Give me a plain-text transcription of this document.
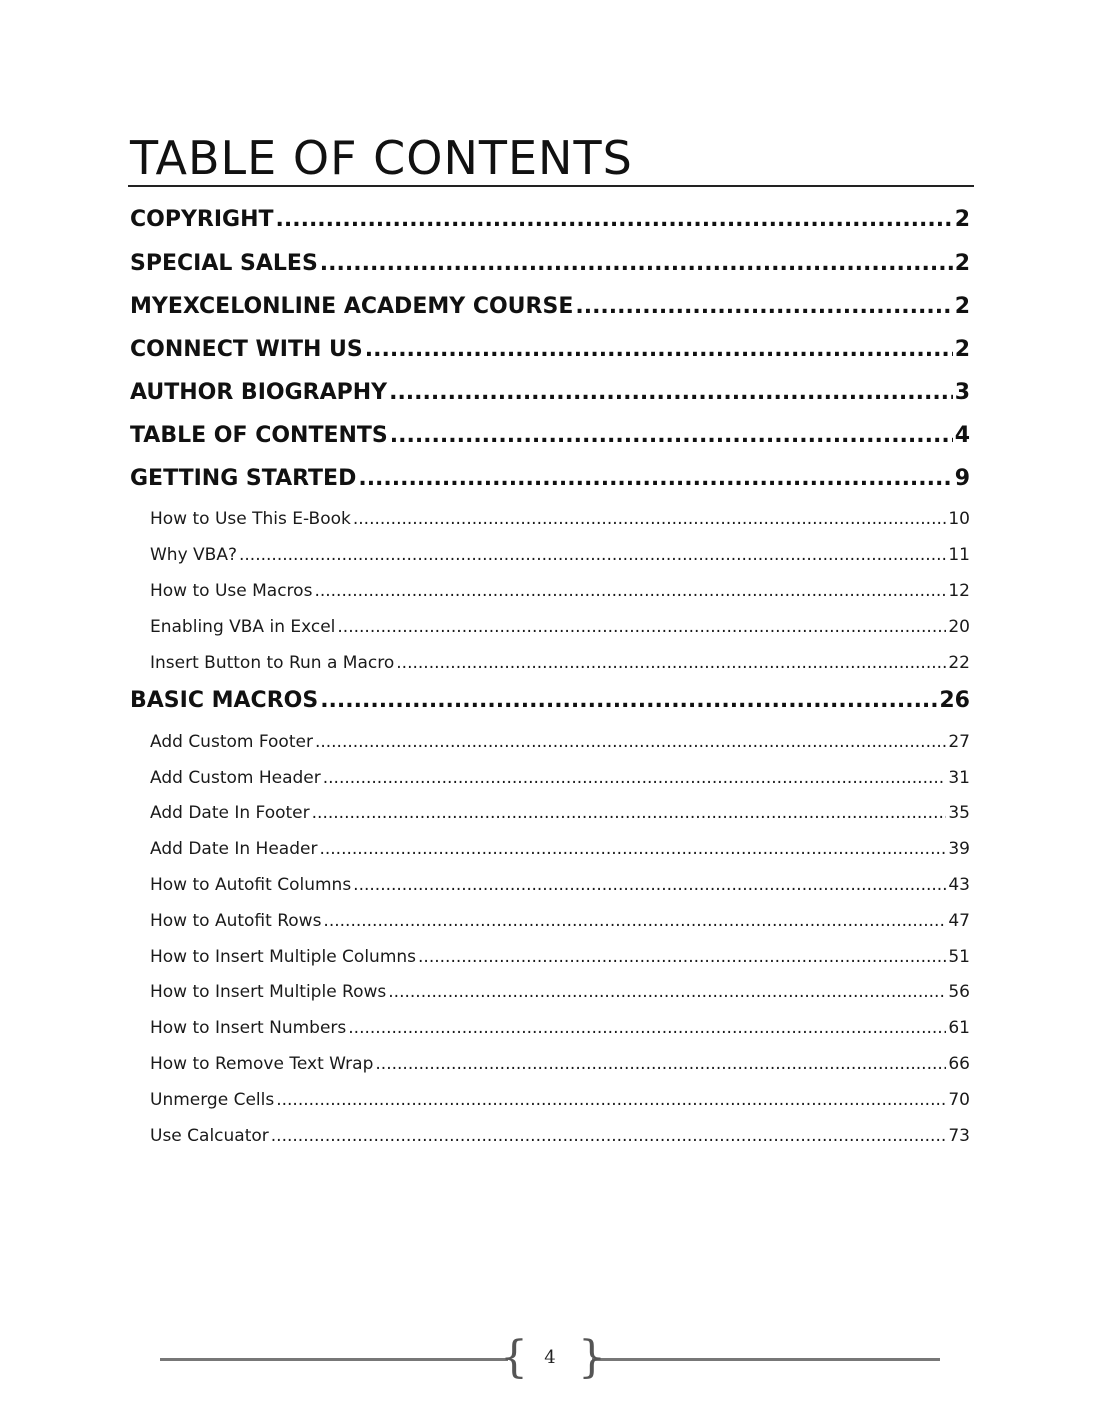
TABLE OF CONTENTS
COPYRIGHT .....	2
SPECIAL SALES .....	2
MYEXCELONLINE ACADEMY COURSE .....	2
CONNECT WITH US .....	2
AUTHOR BIOGRAPHY .....	3
TABLE OF CONTENTS .....	4
GETTING STARTED .....	9
How to Use This E-Book .....	10
Why VBA? .....	11
How to Use Macros .....	12
Enabling VBA in Excel .....	20
Insert Button to Run a Macro .....	22
BASIC MACROS .....	26
Add Custom Footer .....	27
Add Custom Header .....	31
Add Date In Footer .....	35
Add Date In Header .....	39
How to Autofit Columns .....	43
How to Autofit Rows .....	47
How to Insert Multiple Columns .....	51
How to Insert Multiple Rows .....	56
How to Insert Numbers .....	61
How to Remove Text Wrap .....	66
Unmerge Cells .....	70
Use Calcuator .....	73
{ }
4
